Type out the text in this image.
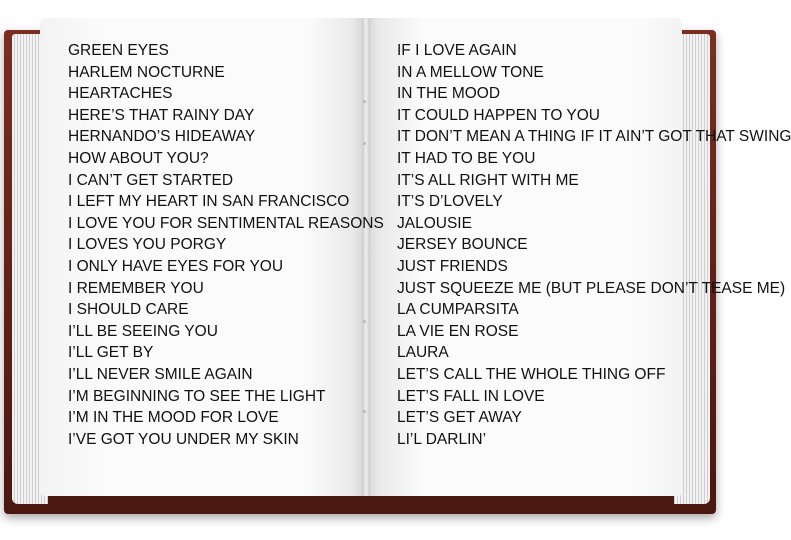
GREEN EYES
HARLEM NOCTURNE
HEARTACHES
HERE’S THAT RAINY DAY
HERNANDO’S HIDEAWAY
HOW ABOUT YOU?
I CAN’T GET STARTED
I LEFT MY HEART IN SAN FRANCISCO
I LOVE YOU FOR SENTIMENTAL REASONS
I LOVES YOU PORGY
I ONLY HAVE EYES FOR YOU
I REMEMBER YOU
I SHOULD CARE
I’LL BE SEEING YOU
I’LL GET BY
I’LL NEVER SMILE AGAIN
I’M BEGINNING TO SEE THE LIGHT
I’M IN THE MOOD FOR LOVE
I’VE GOT YOU UNDER MY SKIN
IF I LOVE AGAIN
IN A MELLOW TONE
IN THE MOOD
IT COULD HAPPEN TO YOU
IT DON’T MEAN A THING IF IT AIN’T GOT THAT SWING
IT HAD TO BE YOU
IT’S ALL RIGHT WITH ME
IT’S D’LOVELY
JALOUSIE
JERSEY BOUNCE
JUST FRIENDS
JUST SQUEEZE ME (BUT PLEASE DON’T TEASE ME)
LA CUMPARSITA
LA VIE EN ROSE
LAURA
LET’S CALL THE WHOLE THING OFF
LET’S FALL IN LOVE
LET’S GET AWAY
LI’L DARLIN’
